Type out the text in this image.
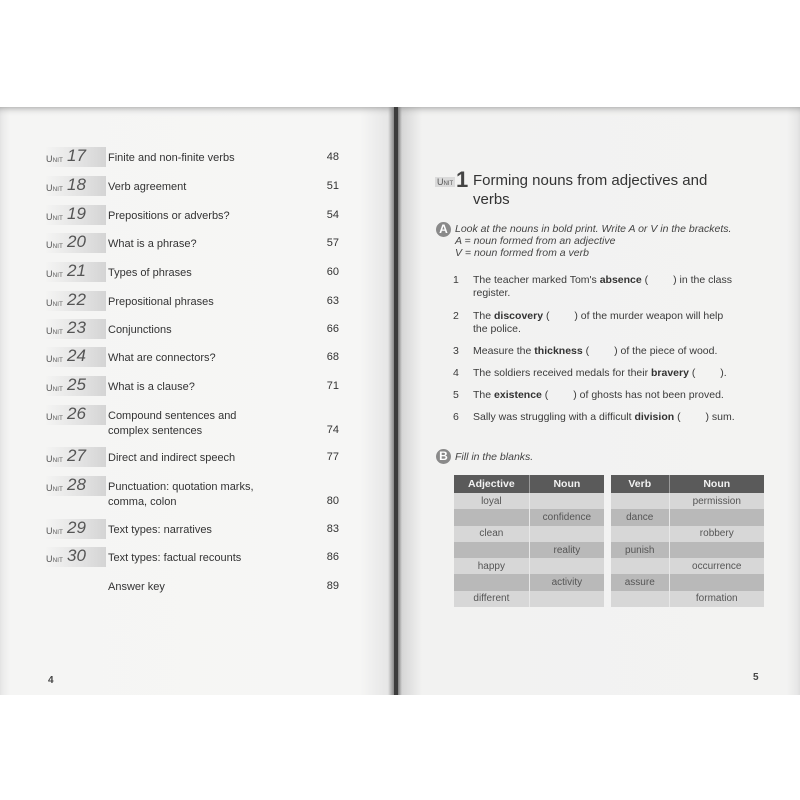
Unit 17 Finite and non-finite verbs	48
Unit 18 Verb agreement	51
Unit 19 Prepositions or adverbs?	54
Unit 20 What is a phrase?	57
Unit 21 Types of phrases	60
Unit 22 Prepositional phrases	63
Unit 23 Conjunctions	66
Unit 24 What are connectors?	68
Unit 25 What is a clause?	71
Unit 26 Compound sentences and complex sentences	74
Unit 27 Direct and indirect speech	77
Unit 28 Punctuation: quotation marks, comma, colon	80
Unit 29 Text types: narratives	83
Unit 30 Text types: factual recounts	86
Answer key	89
4
Unit 1 Forming nouns from adjectives and verbs
A Look at the nouns in bold print. Write A or V in the brackets.
A = noun formed from an adjective
V = noun formed from a verb
1	The teacher marked Tom's absence ( ) in the class register.
2	The discovery ( ) of the murder weapon will help the police.
3	Measure the thickness ( ) of the piece of wood.
4	The soldiers received medals for their bravery ( ).
5	The existence ( ) of ghosts has not been proved.
6	Sally was struggling with a difficult division ( ) sum.
B Fill in the blanks.
Adjective	Noun
loyal	
	confidence
clean	
	reality
happy	
	activity
different	
Verb	Noun
	permission
dance	
	robbery
punish	
	occurrence
assure	
	formation
5
